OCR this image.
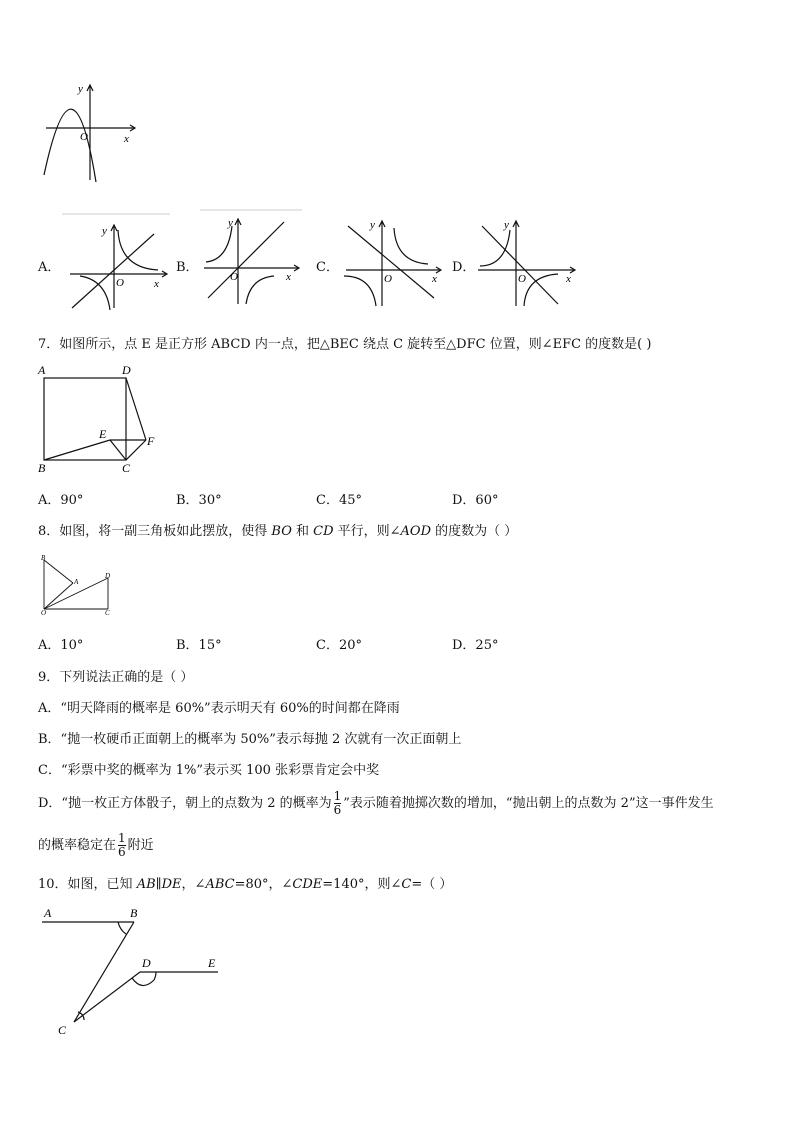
y
x
O
A．
y
x
O
B．
y
x
O
C．
y
x
O
D．
y
x
O
7．如图所示，点 E 是正方形 ABCD 内一点，把△BEC 绕点 C 旋转至△DFC 位置，则∠EFC 的度数是( )
A	D
E	F
B	C
A．90°	B．30°	C．45°	D．60°
8．如图，将一副三角板如此摆放，使得 BO 和 CD 平行，则∠AOD 的度数为（ ）
B
A
D
O	C
A．10°	B．15°	C．20°	D．25°
9．下列说法正确的是（ ）
A．“明天降雨的概率是 60%”表示明天有 60%的时间都在降雨
B．“抛一枚硬币正面朝上的概率为 50%”表示每抛 2 次就有一次正面朝上
C．“彩票中奖的概率为 1%”表示买 100 张彩票肯定会中奖
D．“抛一枚正方体骰子，朝上的点数为 2 的概率为 $\frac{1}{6}$ ”表示随着抛掷次数的增加，“抛出朝上的点数为 2”这一事件发生
的概率稳定在 $\frac{1}{6}$ 附近
10．如图，已知 AB∥DE，∠ABC=80°，∠CDE=140°，则∠C=（ ）
A	B
D	E
C
